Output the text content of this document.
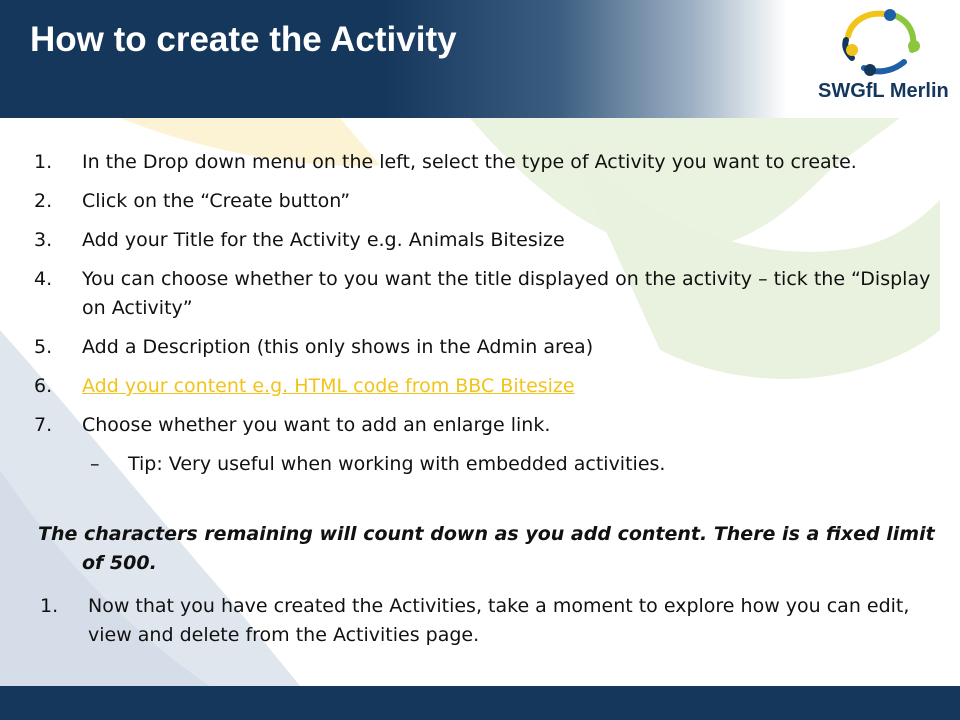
How to create the Activity
SWGfL Merlin
1. In the Drop down menu on the left, select the type of Activity you want to create.
2. Click on the “Create button”
3. Add your Title for the Activity e.g. Animals Bitesize
4. You can choose whether to you want the title displayed on the activity – tick the “Display on Activity”
5. Add a Description (this only shows in the Admin area)
6. Add your content e.g. HTML code from BBC Bitesize
7. Choose whether you want to add an enlarge link.
– Tip: Very useful when working with embedded activities.

The characters remaining will count down as you add content. There is a fixed limit of 500.

1. Now that you have created the Activities, take a moment to explore how you can edit, view and delete from the Activities page.
